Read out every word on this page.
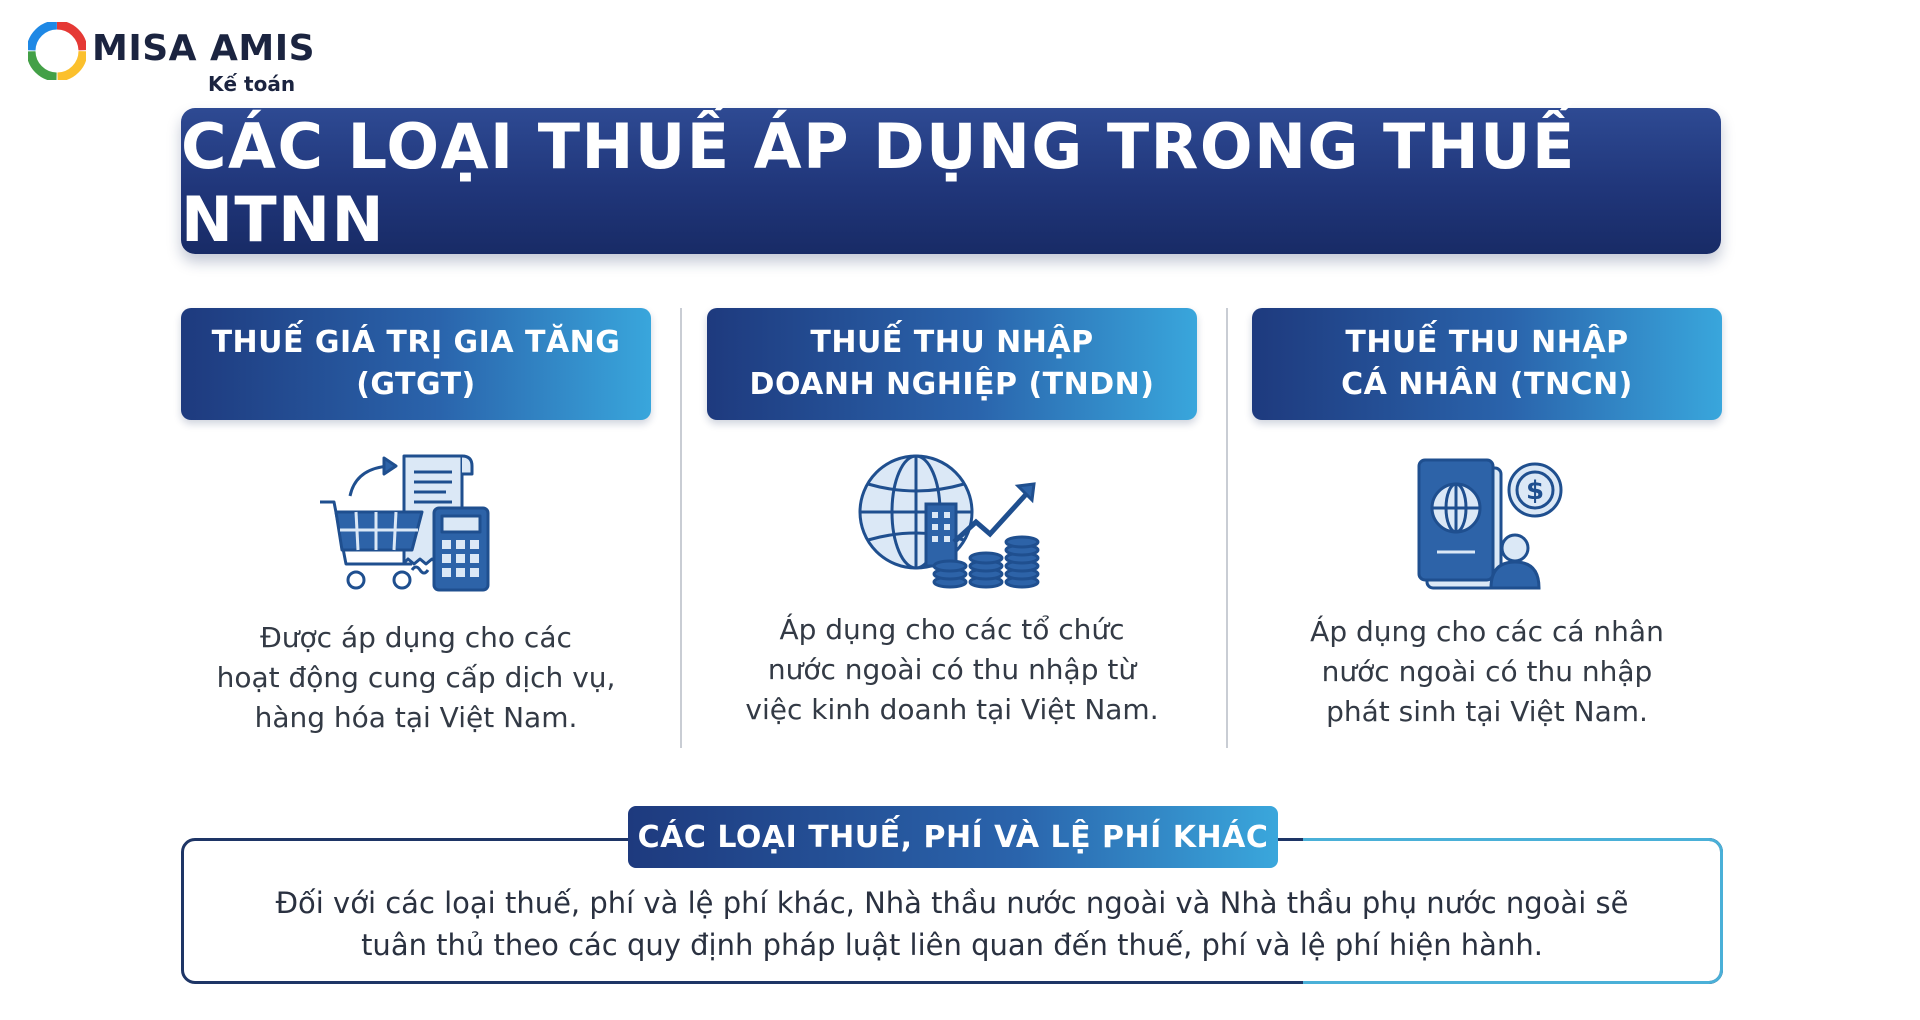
MISA AMIS
Kế toán
CÁC LOẠI THUẾ ÁP DỤNG TRONG THUẾ NTNN
THUẾ GIÁ TRỊ GIA TĂNG
(GTGT)
Được áp dụng cho các
hoạt động cung cấp dịch vụ,
hàng hóa tại Việt Nam.
THUẾ THU NHẬP
DOANH NGHIỆP (TNDN)
Áp dụng cho các tổ chức
nước ngoài có thu nhập từ
việc kinh doanh tại Việt Nam.
THUẾ THU NHẬP
CÁ NHÂN (TNCN)
$
Áp dụng cho các cá nhân
nước ngoài có thu nhập
phát sinh tại Việt Nam.
CÁC LOẠI THUẾ, PHÍ VÀ LỆ PHÍ KHÁC
Đối với các loại thuế, phí và lệ phí khác, Nhà thầu nước ngoài và Nhà thầu phụ nước ngoài sẽ
tuân thủ theo các quy định pháp luật liên quan đến thuế, phí và lệ phí hiện hành.
